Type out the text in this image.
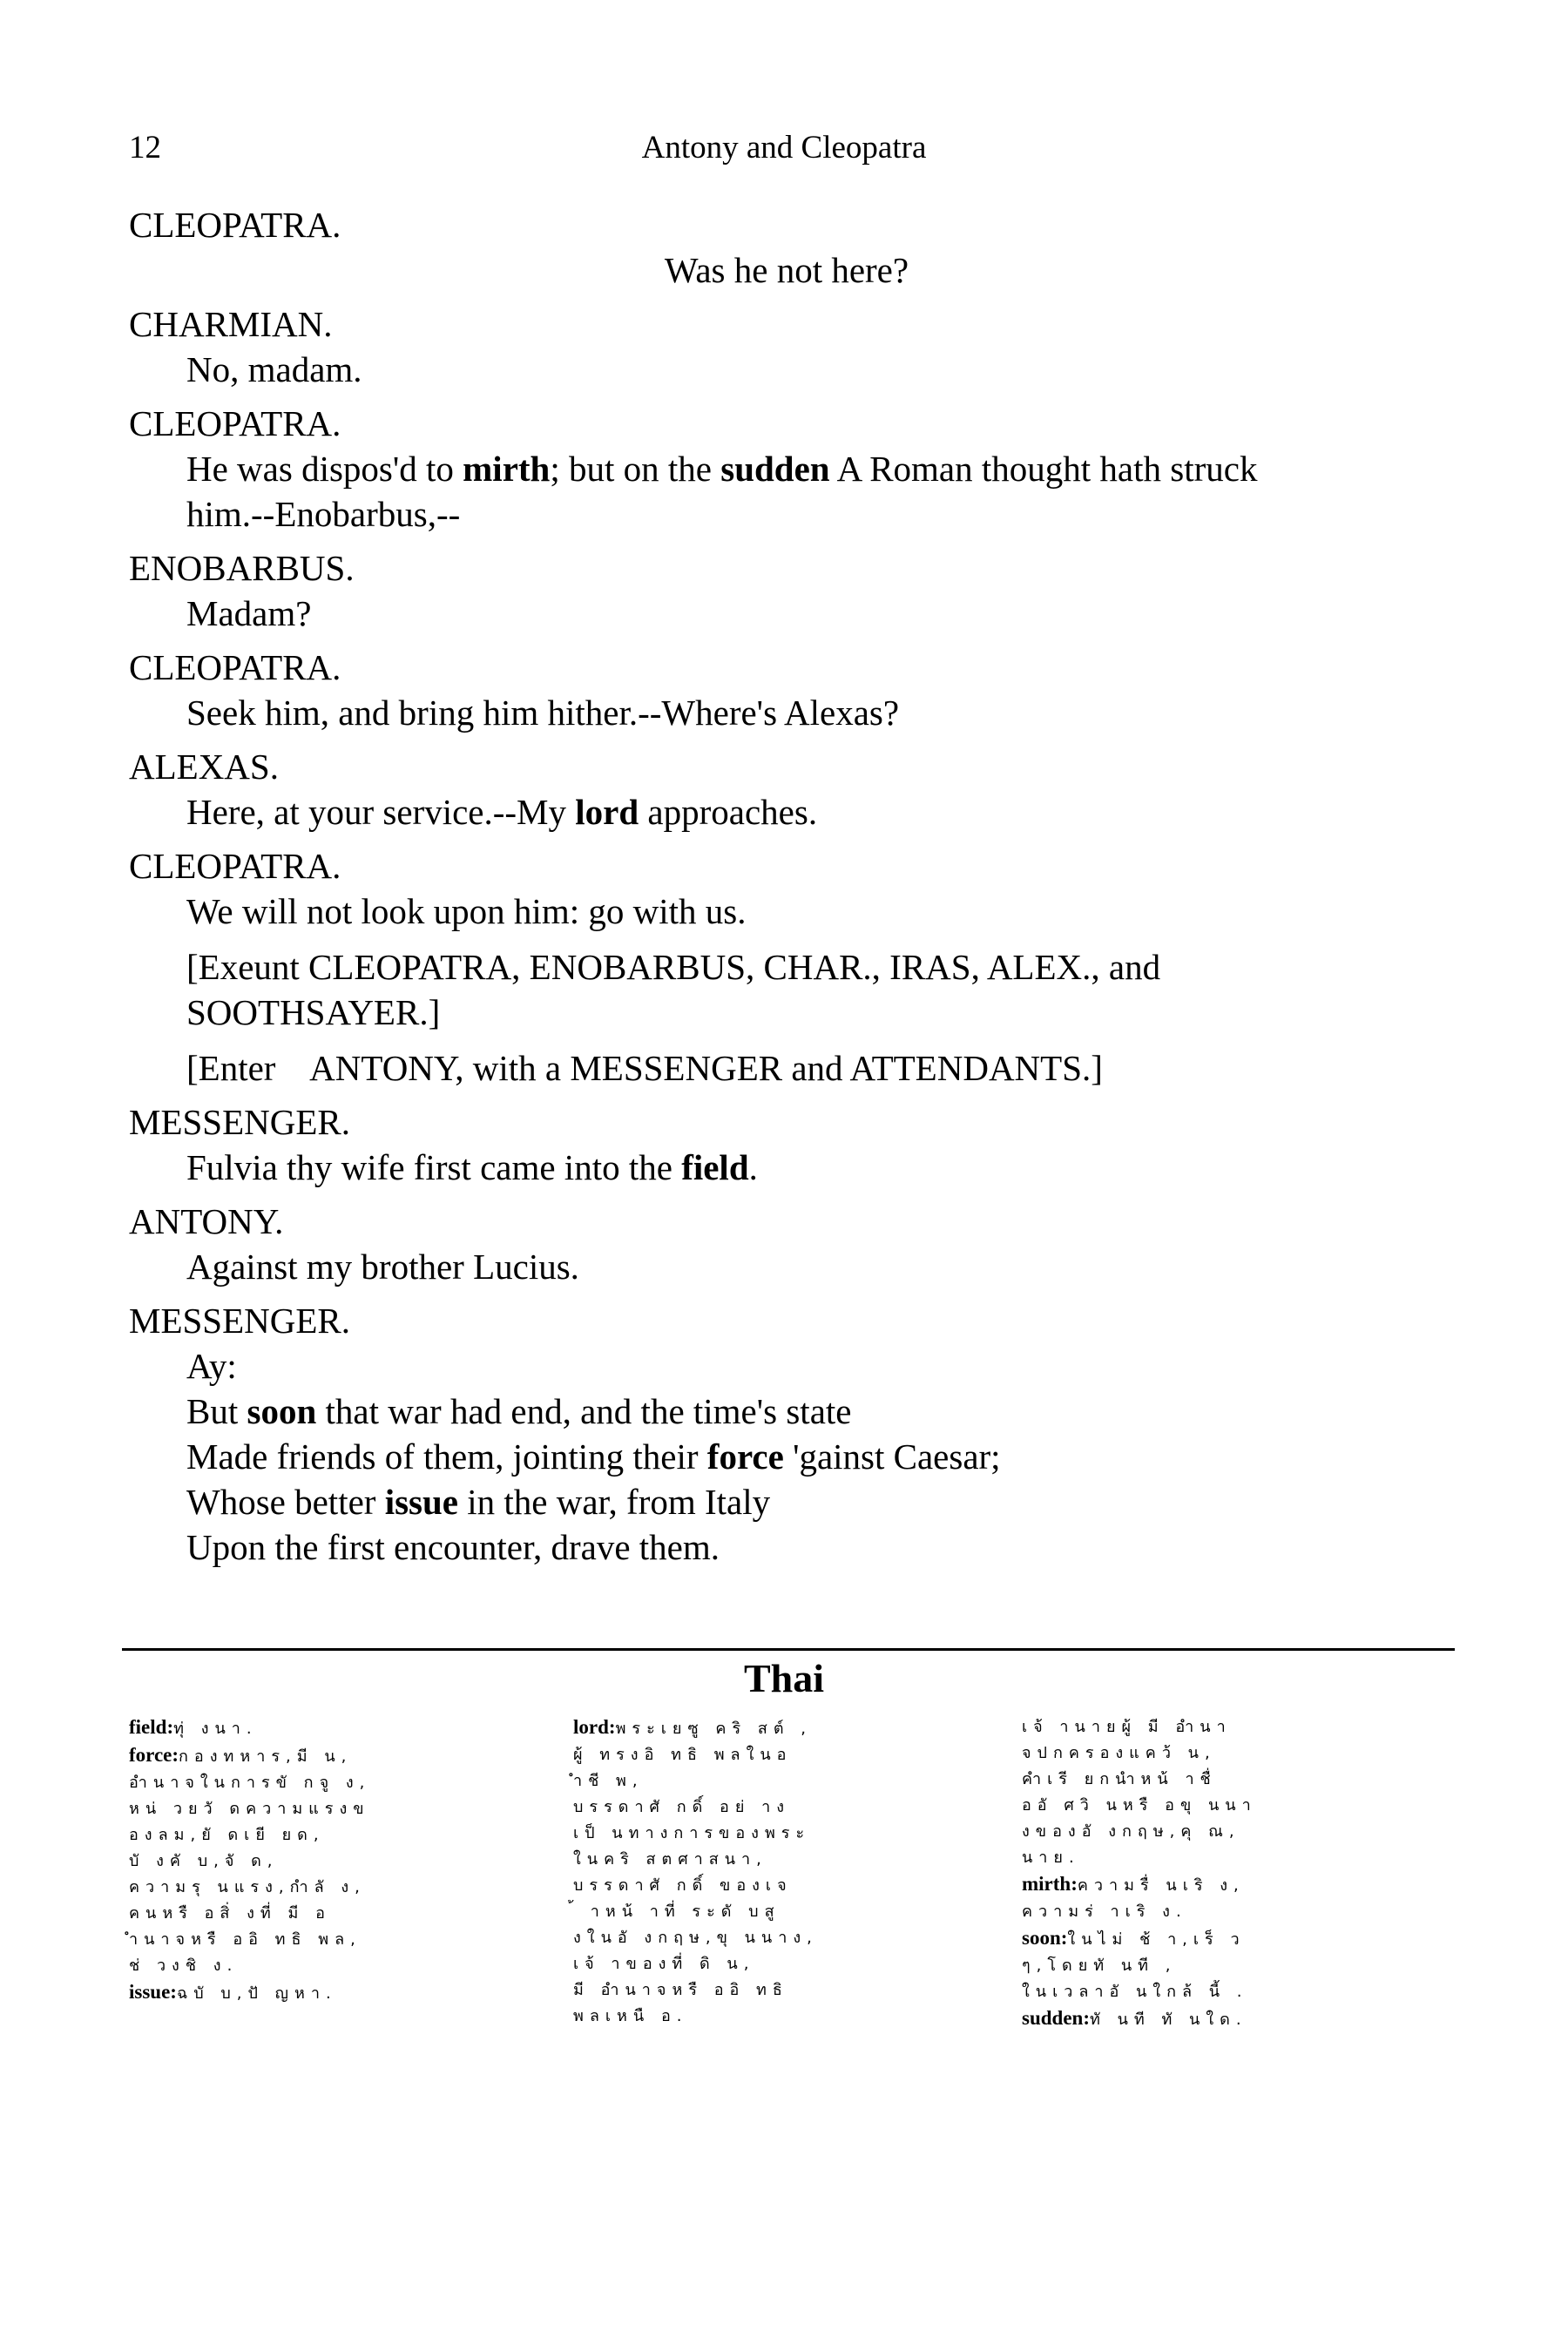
12	Antony and Cleopatra
CLEOPATRA.
Was he not here?
CHARMIAN.
No, madam.
CLEOPATRA.
He was dispos'd to mirth; but on the sudden A Roman thought hath struck
him.--Enobarbus,--
ENOBARBUS.
Madam?
CLEOPATRA.
Seek him, and bring him hither.--Where's Alexas?
ALEXAS.
Here, at your service.--My lord approaches.
CLEOPATRA.
We will not look upon him: go with us.
[Exeunt CLEOPATRA, ENOBARBUS, CHAR., IRAS, ALEX., and
SOOTHSAYER.]
[Enter    ANTONY, with a MESSENGER and ATTENDANTS.]
MESSENGER.
Fulvia thy wife first came into the field.
ANTONY.
Against my brother Lucius.
MESSENGER.
Ay:
But soon that war had end, and the time's state
Made friends of them, jointing their force 'gainst Caesar;
Whose better issue in the war, from Italy
Upon the first encounter, drave them.
Thai
field:ทุ่ งนา.
force:กองทหาร,มี น,
อำนาจในการขั กจู ง,
หน่ วยวั ดความแรงข
องลม,ยั ดเยี ยด,
บั งคั บ,จั ด,
ความรุ นแรง,กำลั ง,
คนหรื อสิ่ งที่ มี อ
ำนาจหรื ออิ ทธิ พล,
ช่ วงชิ ง.
issue:ฉบั บ,ปั ญหา.
lord:พระเยซู คริ สต์ ,
ผู้ ทรงอิ ทธิ พลในอ
ำชี พ,
บรรดาศั กดิ์ อย่ าง
เป็ นทางการของพระ
ในคริ สตศาสนา,
บรรดาศั กดิ์ ของเจ
้ าหน้ าที่ ระดั บสู
งในอั งกฤษ,ขุ นนาง,
เจ้ าของที่ ดิ น,
มี อำนาจหรื ออิ ทธิ
พลเหนื อ.
เจ้ านายผู้ มี อำนา
จปกครองแคว้ น,
คำเรี ยกนำหน้ าชื่
ออั ศวิ นหรื อขุ นนา
งของอั งกฤษ,คุ ณ,
นาย.
mirth:ความรื่ นเริ ง,
ความร่ าเริ ง.
soon:ในไม่ ช้ า,เร็ ว
ๆ,โดยทั นที ,
ในเวลาอั นใกล้ นี้ .
sudden:ทั นที ทั นใด.
